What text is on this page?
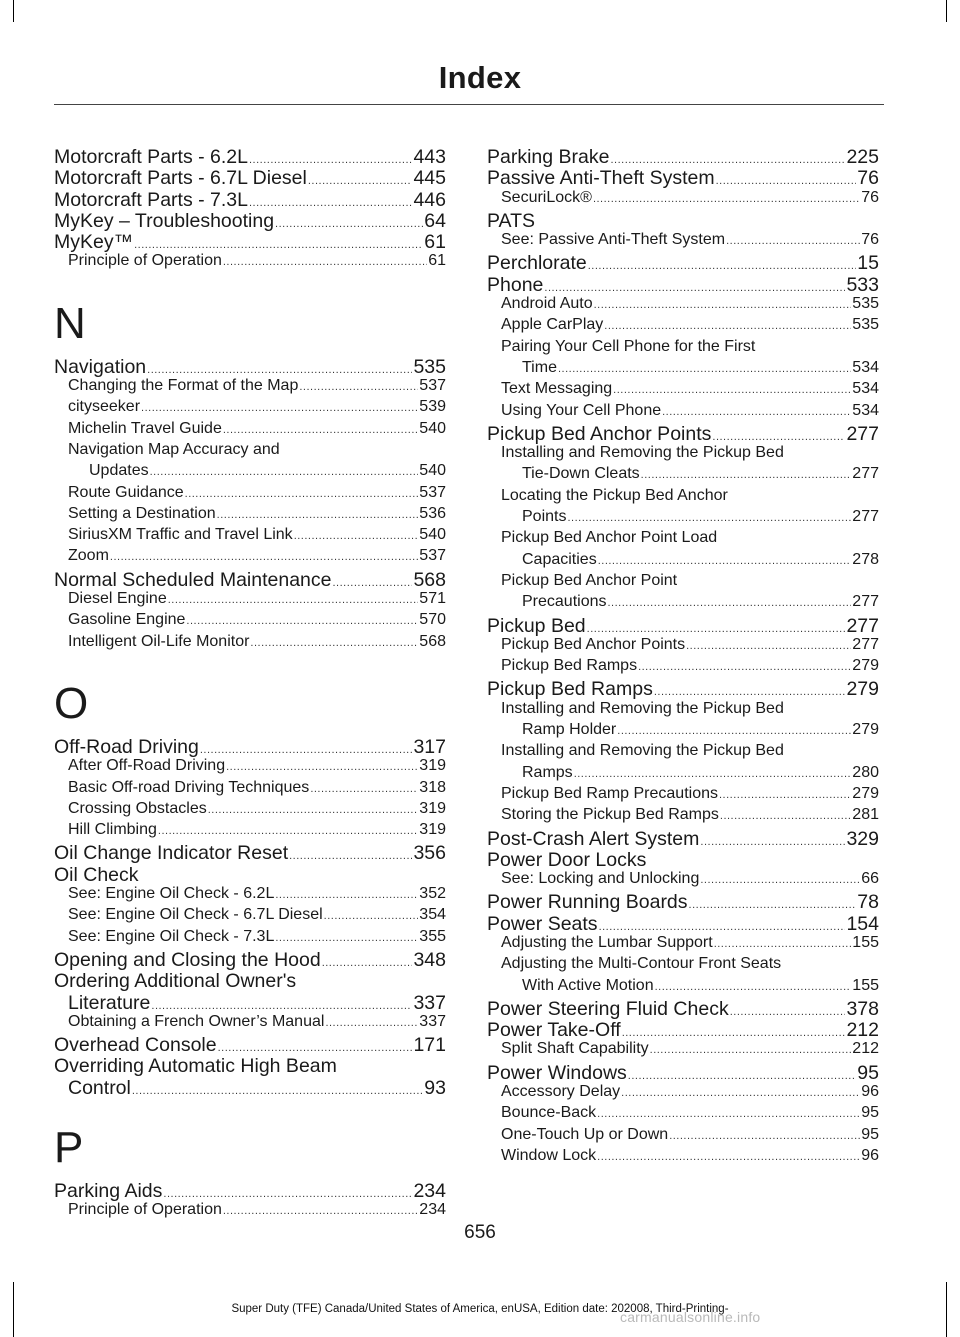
Index
Motorcraft Parts - 6.2L .....	443
Motorcraft Parts - 6.7L Diesel .....	445
Motorcraft Parts - 7.3L .....	446
MyKey – Troubleshooting .....	64
MyKey™ .....	61
Principle of Operation .....	61
N
Navigation .....	535
Changing the Format of the Map .....	537
cityseeker .....	539
Michelin Travel Guide .....	540
Navigation Map Accuracy and
Updates .....	540
Route Guidance .....	537
Setting a Destination .....	536
SiriusXM Traffic and Travel Link .....	540
Zoom .....	537
Normal Scheduled Maintenance .....	568
Diesel Engine .....	571
Gasoline Engine .....	570
Intelligent Oil-Life Monitor .....	568
O
Off-Road Driving .....	317
After Off-Road Driving .....	319
Basic Off-road Driving Techniques .....	318
Crossing Obstacles .....	319
Hill Climbing .....	319
Oil Change Indicator Reset .....	356
Oil Check
See: Engine Oil Check - 6.2L .....	352
See: Engine Oil Check - 6.7L Diesel .....	354
See: Engine Oil Check - 7.3L .....	355
Opening and Closing the Hood .....	348
Ordering Additional Owner's
Literature .....	337
Obtaining a French Owner’s Manual .....	337
Overhead Console .....	171
Overriding Automatic High Beam
Control .....	93
P
Parking Aids .....	234
Principle of Operation .....	234
Parking Brake .....	225
Passive Anti-Theft System .....	76
SecuriLock® .....	76
PATS
See: Passive Anti-Theft System .....	76
Perchlorate .....	15
Phone .....	533
Android Auto .....	535
Apple CarPlay .....	535
Pairing Your Cell Phone for the First
Time .....	534
Text Messaging .....	534
Using Your Cell Phone .....	534
Pickup Bed Anchor Points .....	277
Installing and Removing the Pickup Bed
Tie-Down Cleats .....	277
Locating the Pickup Bed Anchor
Points .....	277
Pickup Bed Anchor Point Load
Capacities .....	278
Pickup Bed Anchor Point
Precautions .....	277
Pickup Bed .....	277
Pickup Bed Anchor Points .....	277
Pickup Bed Ramps .....	279
Pickup Bed Ramps .....	279
Installing and Removing the Pickup Bed
Ramp Holder .....	279
Installing and Removing the Pickup Bed
Ramps .....	280
Pickup Bed Ramp Precautions .....	279
Storing the Pickup Bed Ramps .....	281
Post-Crash Alert System .....	329
Power Door Locks
See: Locking and Unlocking .....	66
Power Running Boards .....	78
Power Seats .....	154
Adjusting the Lumbar Support .....	155
Adjusting the Multi-Contour Front Seats
With Active Motion .....	155
Power Steering Fluid Check .....	378
Power Take-Off .....	212
Split Shaft Capability .....	212
Power Windows .....	95
Accessory Delay .....	96
Bounce-Back .....	95
One-Touch Up or Down .....	95
Window Lock .....	96
656
Super Duty (TFE) Canada/United States of America, enUSA, Edition date: 202008, Third-Printing-
carmanualsonline.info
